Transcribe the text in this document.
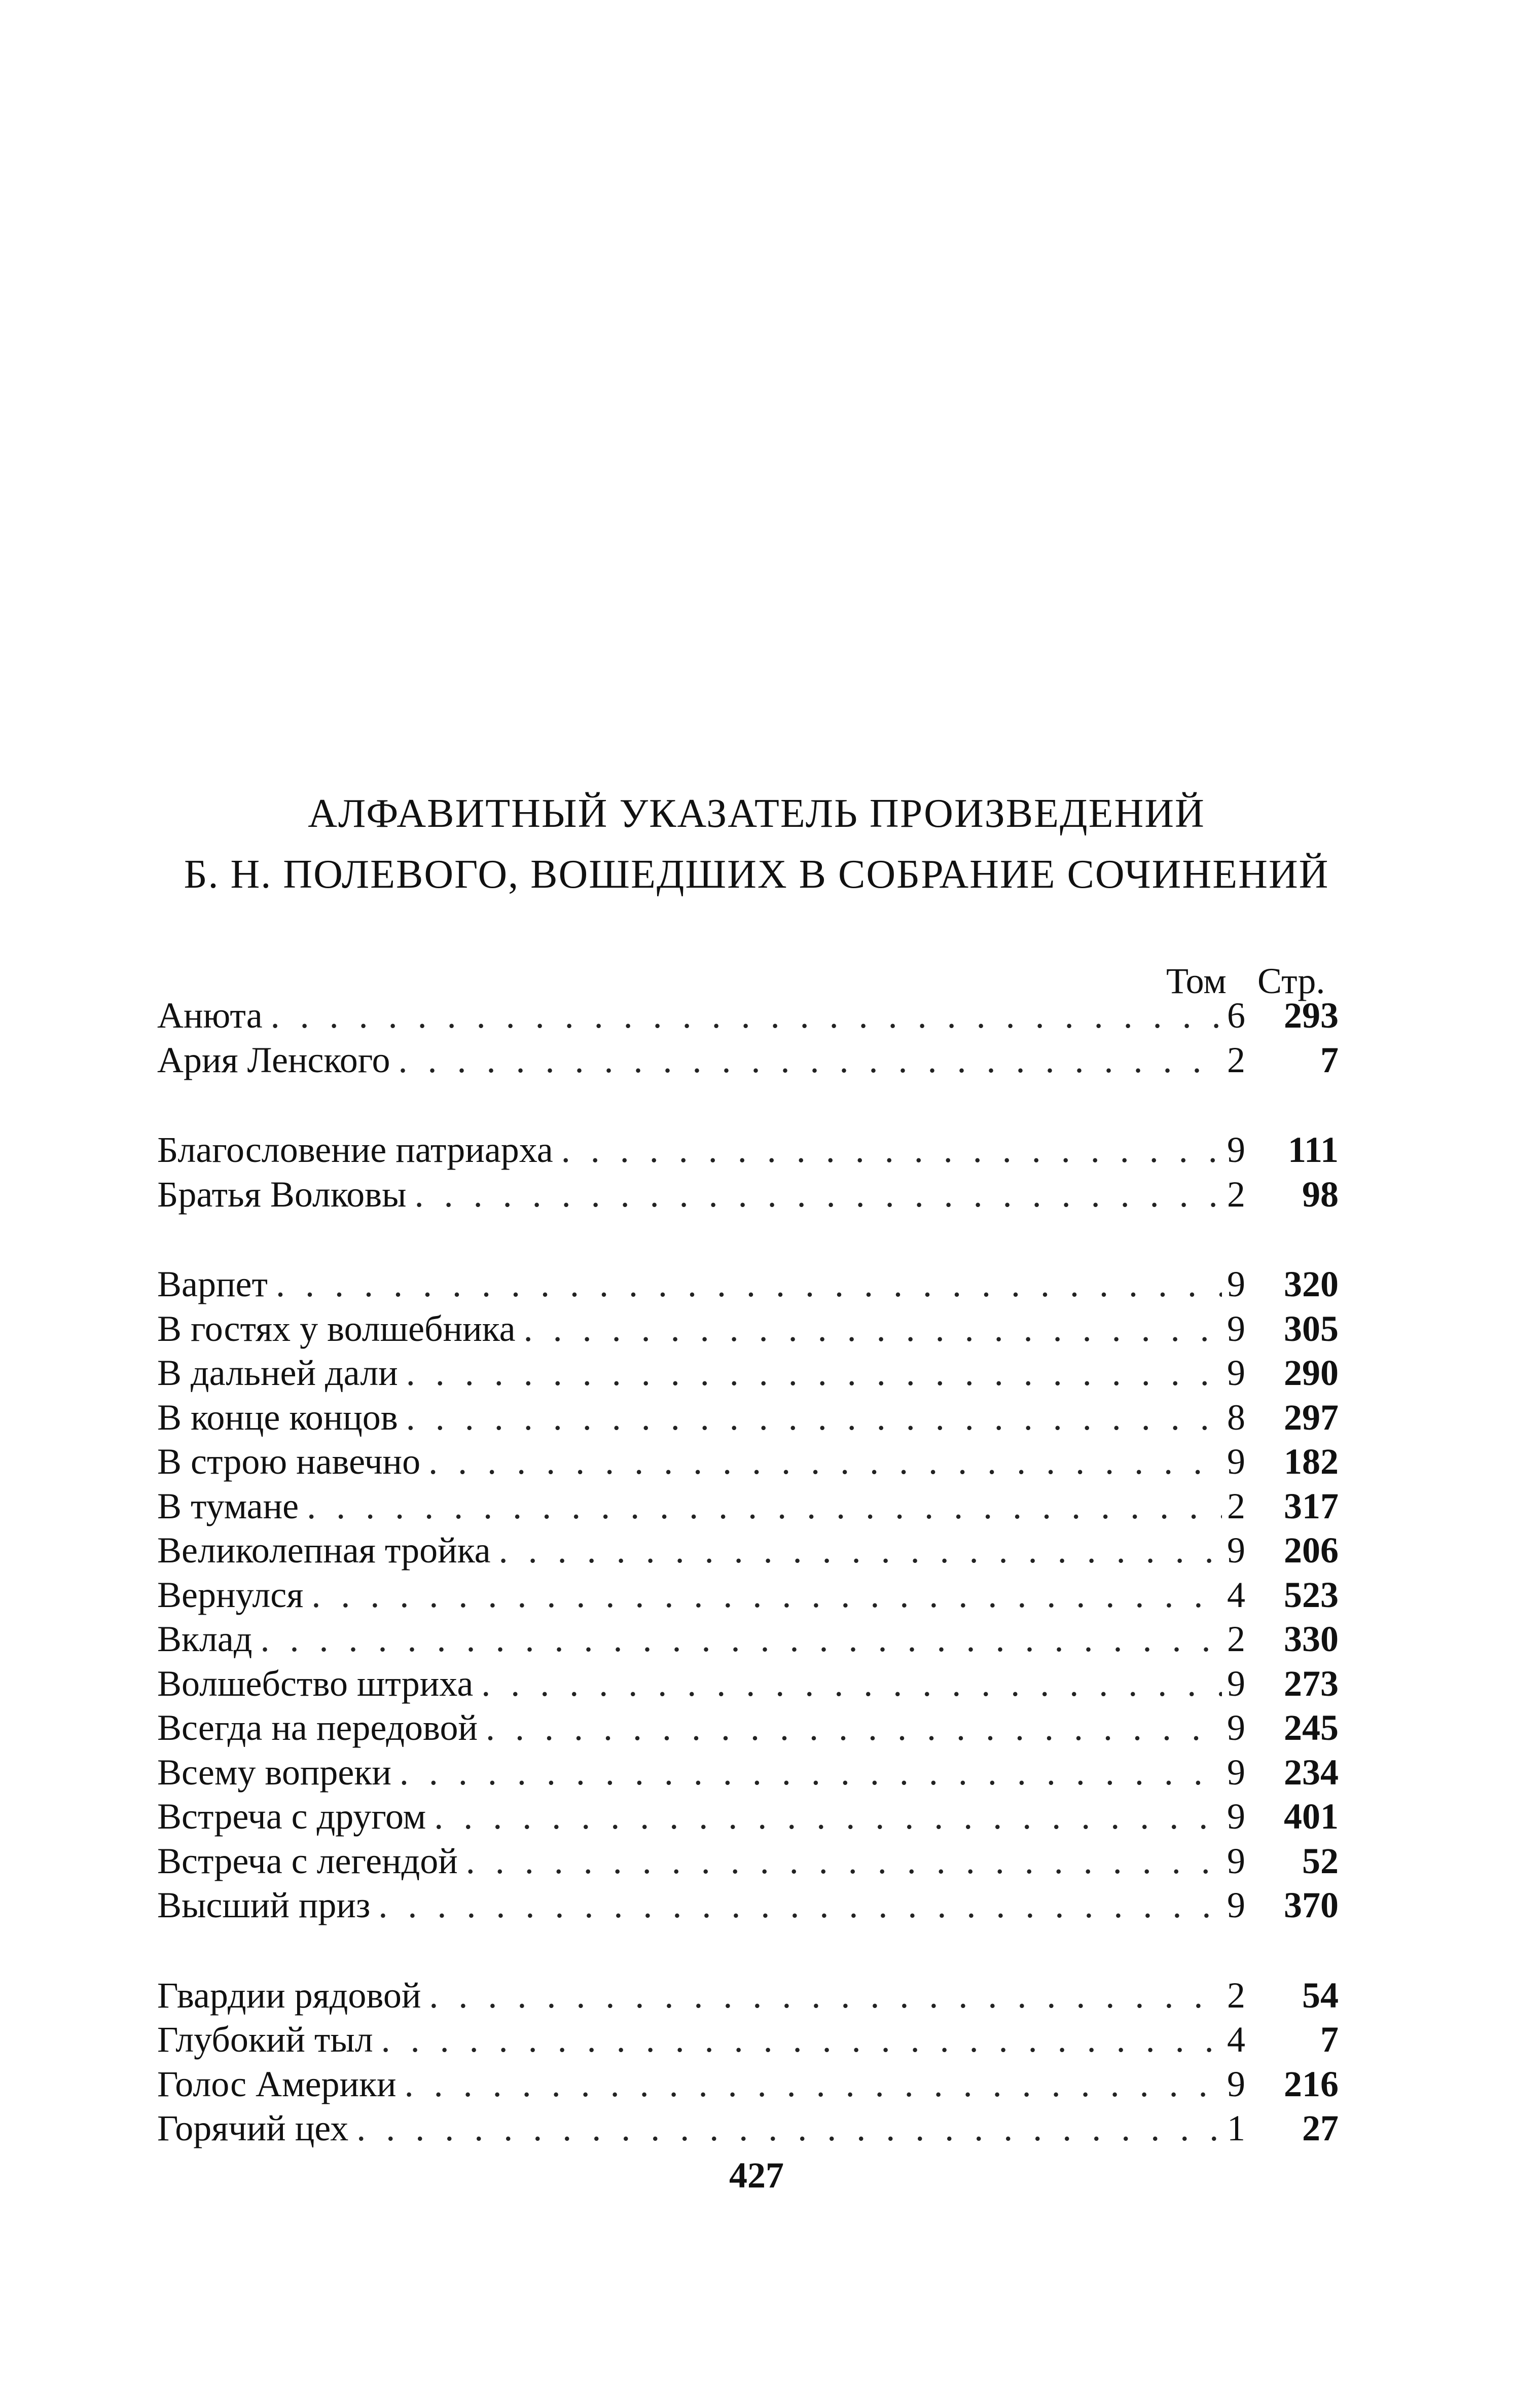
АЛФАВИТНЫЙ УКАЗАТЕЛЬ ПРОИЗВЕДЕНИЙ
Б. Н. ПОЛЕВОГО, ВОШЕДШИХ В СОБРАНИЕ СОЧИНЕНИЙ
Том Стр.
Анюта . . .	6	293
Ария Ленского . . .	2	7
Благословение патриарха . . .	9	111
Братья Волковы . . .	2	98
Варпет . . .	9	320
В гостях у волшебника . . .	9	305
В дальней дали . . .	9	290
В конце концов . . .	8	297
В строю навечно . . .	9	182
В тумане . . .	2	317
Великолепная тройка . . .	9	206
Вернулся . . .	4	523
Вклад . . .	2	330
Волшебство штриха . . .	9	273
Всегда на передовой . . .	9	245
Всему вопреки . . .	9	234
Встреча с другом . . .	9	401
Встреча с легендой . . .	9	52
Высший приз . . .	9	370
Гвардии рядовой . . .	2	54
Глубокий тыл . . .	4	7
Голос Америки . . .	9	216
Горячий цех . . .	1	27
427
